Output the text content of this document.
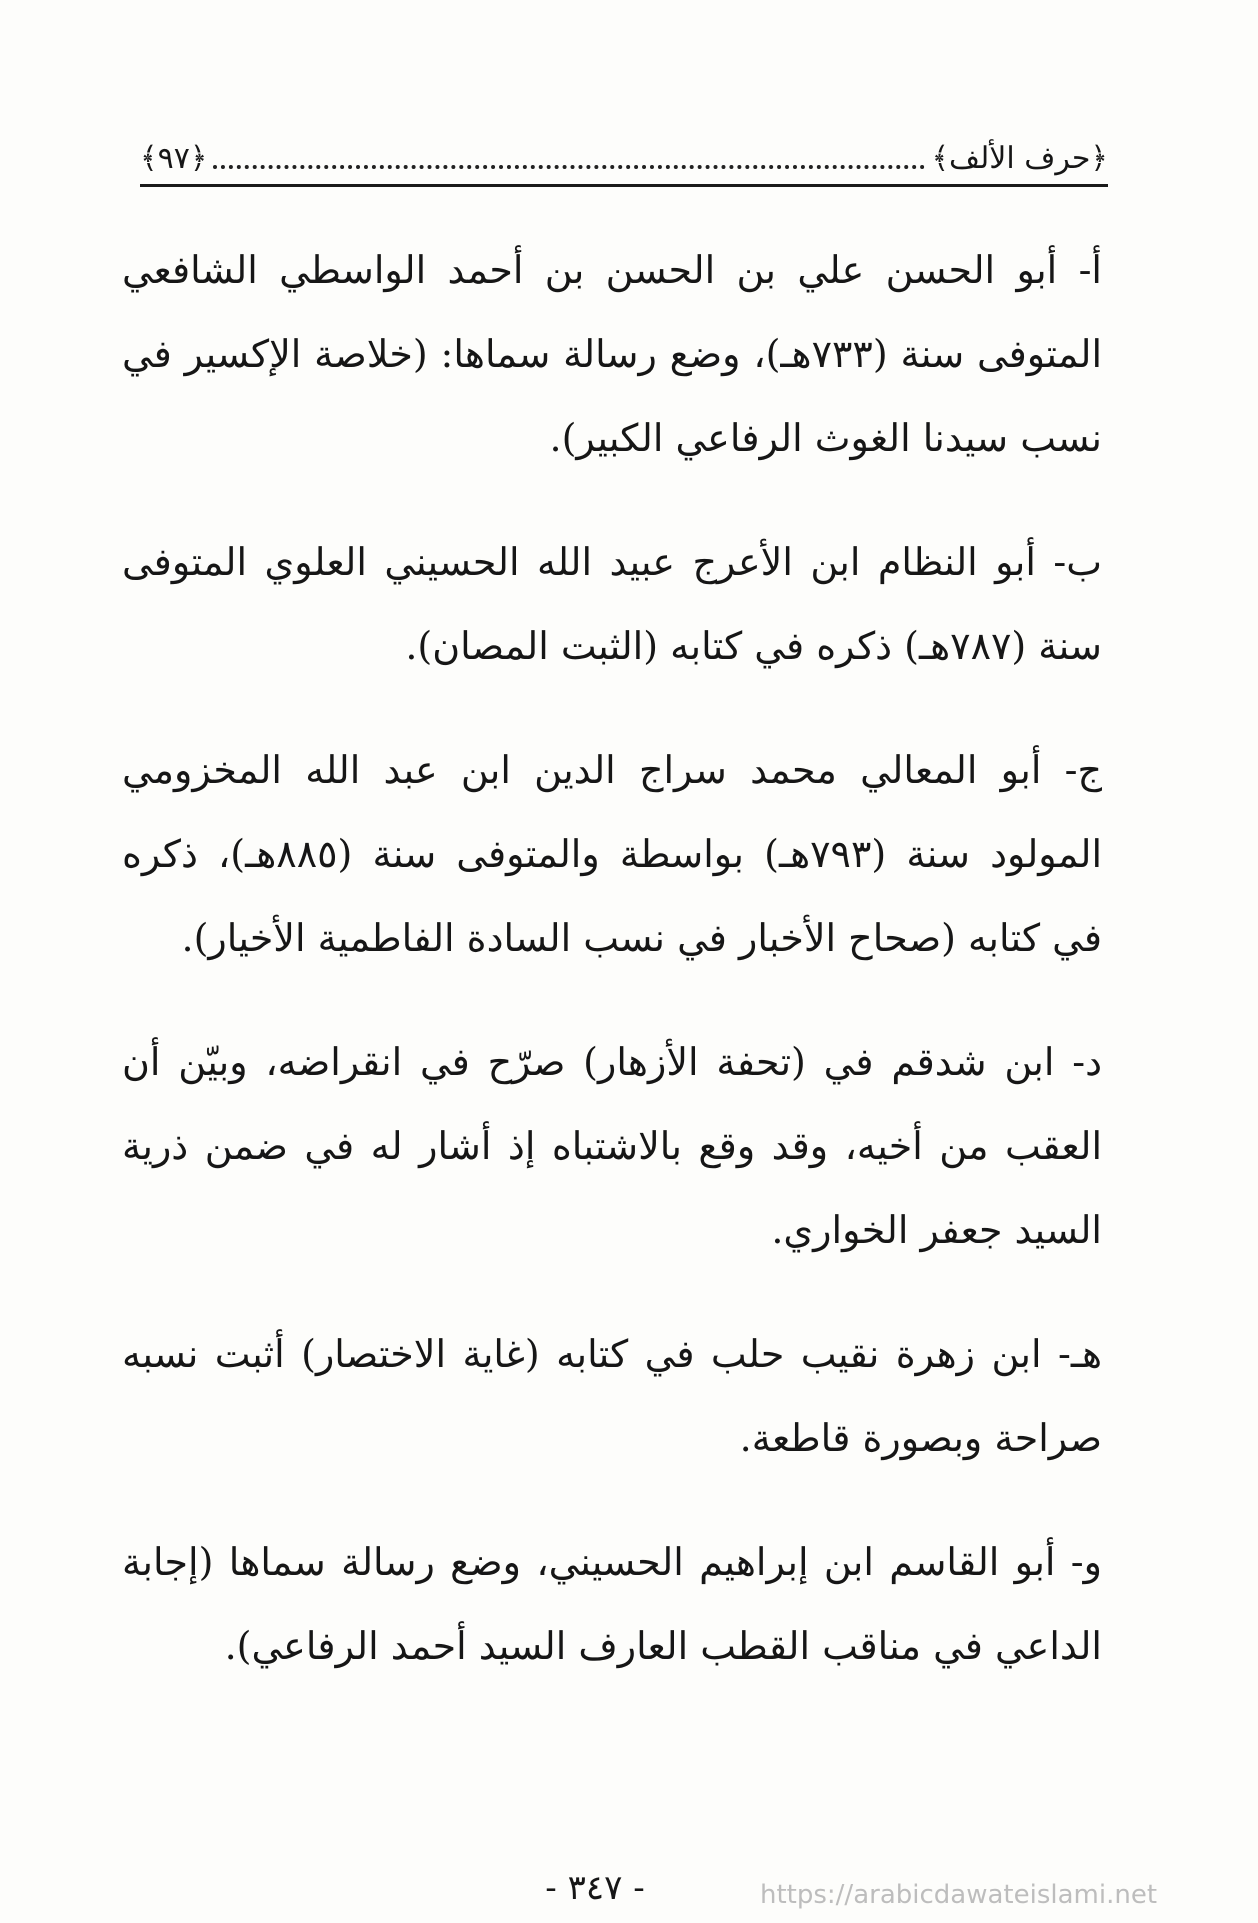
﴿حرف الألف﴾
﴿٩٧﴾

أ- أبو الحسن علي بن الحسن بن أحمد الواسطي الشافعي المتوفى سنة (٧٣٣هـ)، وضع رسالة سماها: (خلاصة الإكسير في نسب سيدنا الغوث الرفاعي الكبير).

ب- أبو النظام ابن الأعرج عبيد الله الحسيني العلوي المتوفى سنة (٧٨٧هـ) ذكره في كتابه (الثبت المصان).

ج- أبو المعالي محمد سراج الدين ابن عبد الله المخزومي المولود سنة (٧٩٣هـ) بواسطة والمتوفى سنة (٨٨٥هـ)، ذكره في كتابه (صحاح الأخبار في نسب السادة الفاطمية الأخيار).

د- ابن شدقم في (تحفة الأزهار) صرّح في انقراضه، وبيّن أن العقب من أخيه، وقد وقع بالاشتباه إذ أشار له في ضمن ذرية السيد جعفر الخواري.

هـ- ابن زهرة نقيب حلب في كتابه (غاية الاختصار) أثبت نسبه صراحة وبصورة قاطعة.

و- أبو القاسم ابن إبراهيم الحسيني، وضع رسالة سماها (إجابة الداعي في مناقب القطب العارف السيد أحمد الرفاعي).

- ٣٤٧ -	https://arabicdawateislami.net
